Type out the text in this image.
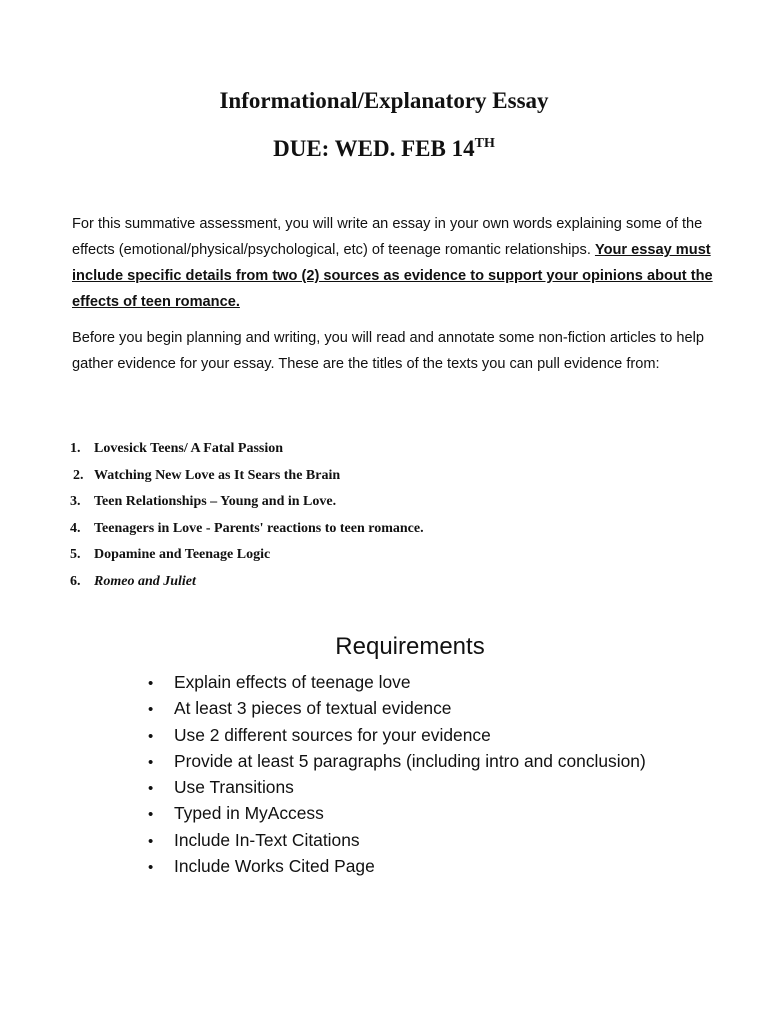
Informational/Explanatory Essay
DUE: WED. FEB 14TH

For this summative assessment, you will write an essay in your own words explaining some of the effects (emotional/physical/psychological, etc) of teenage romantic relationships. Your essay must include specific details from two (2) sources as evidence to support your opinions about the effects of teen romance.

Before you begin planning and writing, you will read and annotate some non-fiction articles to help gather evidence for your essay. These are the titles of the texts you can pull evidence from:

1. Lovesick Teens/ A Fatal Passion
2. Watching New Love as It Sears the Brain
3. Teen Relationships – Young and in Love.
4. Teenagers in Love - Parents' reactions to teen romance.
5. Dopamine and Teenage Logic
6. Romeo and Juliet
Requirements
• Explain effects of teenage love
• At least 3 pieces of textual evidence
• Use 2 different sources for your evidence
• Provide at least 5 paragraphs (including intro and conclusion)
• Use Transitions
• Typed in MyAccess
• Include In-Text Citations
• Include Works Cited Page
